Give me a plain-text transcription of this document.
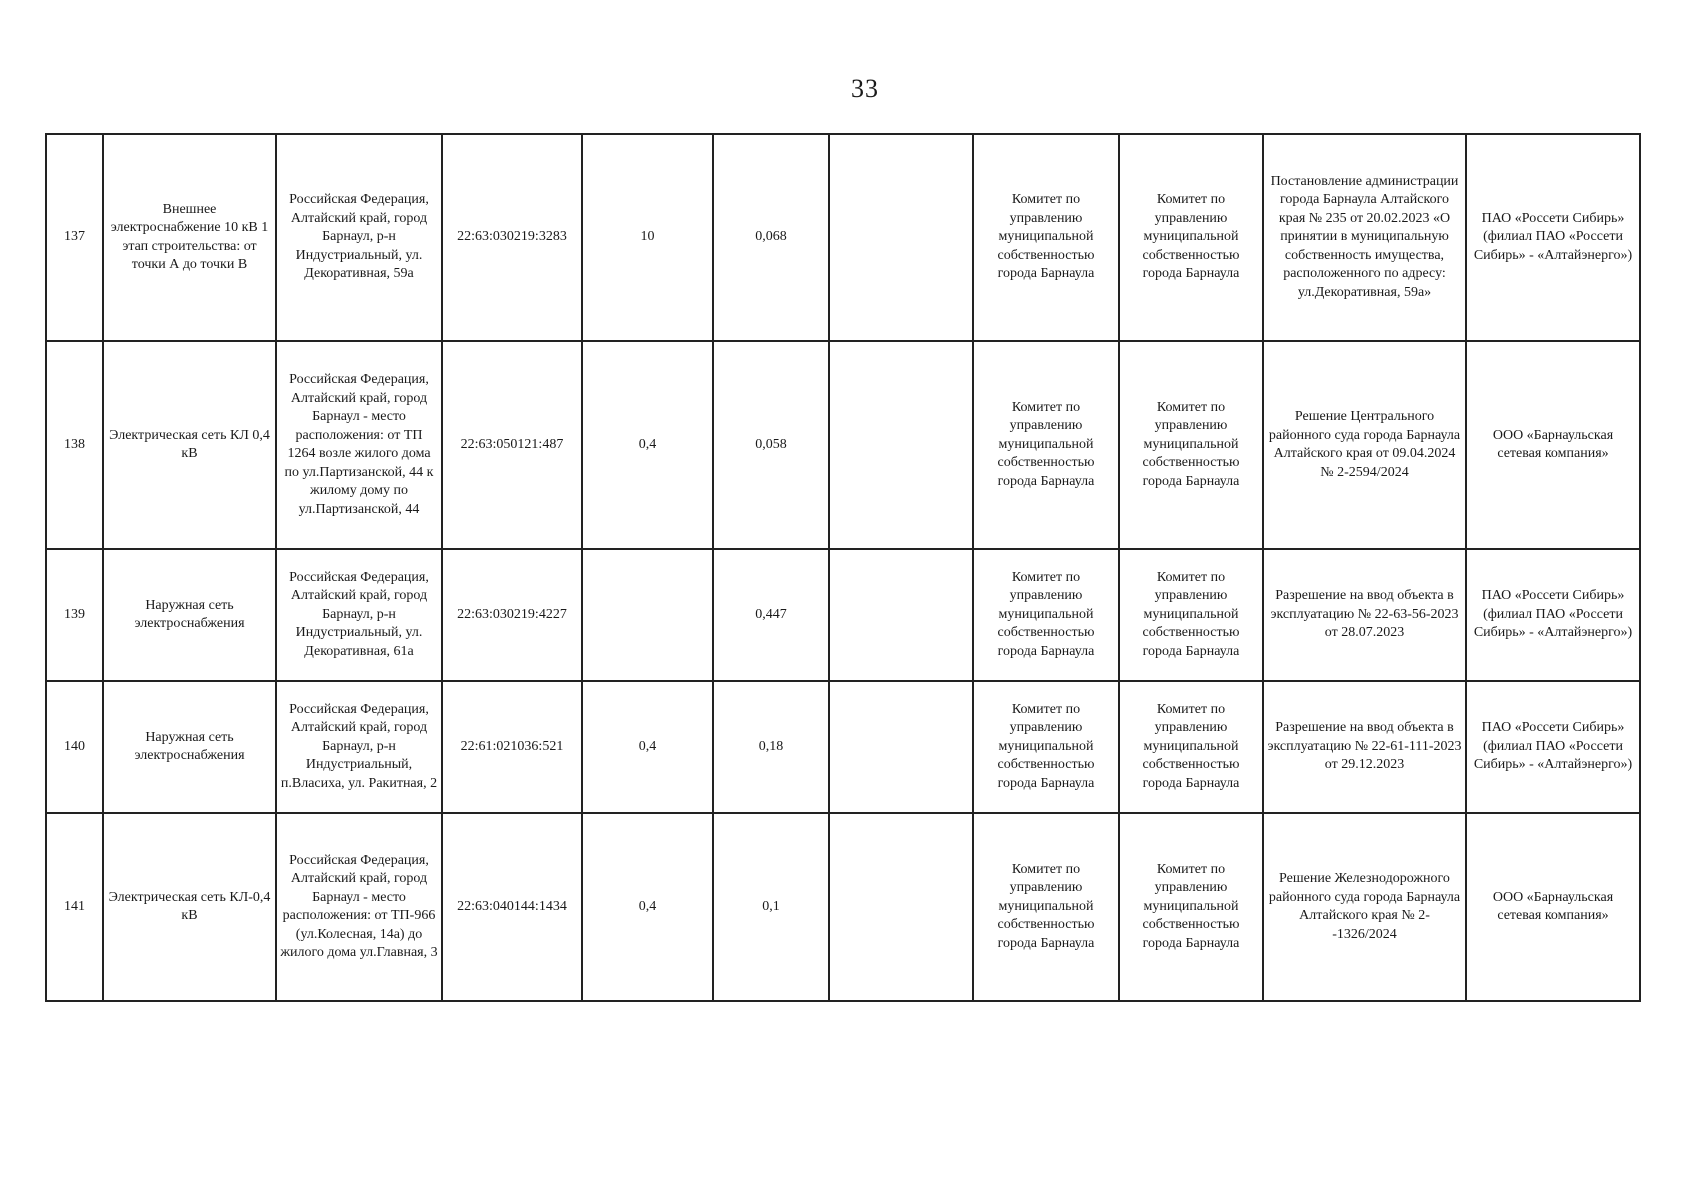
33
137	Внешнее электроснабжение 10 кВ 1 этап строительства: от точки А до точки В	Российская Федерация, Алтайский край, город Барнаул, р-н Индустриальный, ул. Декоративная, 59а	22:63:030219:3283	10	0,068		Комитет по управлению муниципальной собственностью города Барнаула	Комитет по управлению муниципальной собственностью города Барнаула	Постановление администрации города Барнаула Алтайского края № 235 от 20.02.2023 «О принятии в муниципальную собственность имущества, расположенного по адресу: ул.Декоративная, 59а»	ПАО «Россети Сибирь» (филиал ПАО «Россети Сибирь» - «Алтайэнерго»)
138	Электрическая сеть КЛ 0,4 кВ	Российская Федерация, Алтайский край, город Барнаул - место расположения: от ТП 1264 возле жилого дома по ул.Партизанской, 44 к жилому дому по ул.Партизанской, 44	22:63:050121:487	0,4	0,058		Комитет по управлению муниципальной собственностью города Барнаула	Комитет по управлению муниципальной собственностью города Барнаула	Решение Центрального районного суда города Барнаула Алтайского края от 09.04.2024 № 2-2594/2024	ООО «Барнаульская сетевая компания»
139	Наружная сеть электроснабжения	Российская Федерация, Алтайский край, город Барнаул, р-н Индустриальный, ул. Декоративная, 61а	22:63:030219:4227		0,447		Комитет по управлению муниципальной собственностью города Барнаула	Комитет по управлению муниципальной собственностью города Барнаула	Разрешение на ввод объекта в эксплуатацию № 22-63-56-2023 от 28.07.2023	ПАО «Россети Сибирь» (филиал ПАО «Россети Сибирь» - «Алтайэнерго»)
140	Наружная сеть электроснабжения	Российская Федерация, Алтайский край, город Барнаул, р-н Индустриальный, п.Власиха, ул. Ракитная, 2	22:61:021036:521	0,4	0,18		Комитет по управлению муниципальной собственностью города Барнаула	Комитет по управлению муниципальной собственностью города Барнаула	Разрешение на ввод объекта в эксплуатацию № 22-61-111-2023 от 29.12.2023	ПАО «Россети Сибирь» (филиал ПАО «Россети Сибирь» - «Алтайэнерго»)
141	Электрическая сеть КЛ-0,4 кВ	Российская Федерация, Алтайский край, город Барнаул - место расположения: от ТП-966 (ул.Колесная, 14а) до жилого дома ул.Главная, 3	22:63:040144:1434	0,4	0,1		Комитет по управлению муниципальной собственностью города Барнаула	Комитет по управлению муниципальной собственностью города Барнаула	Решение Железнодорожного районного суда города Барнаула Алтайского края № 2--1326/2024	ООО «Барнаульская сетевая компания»
